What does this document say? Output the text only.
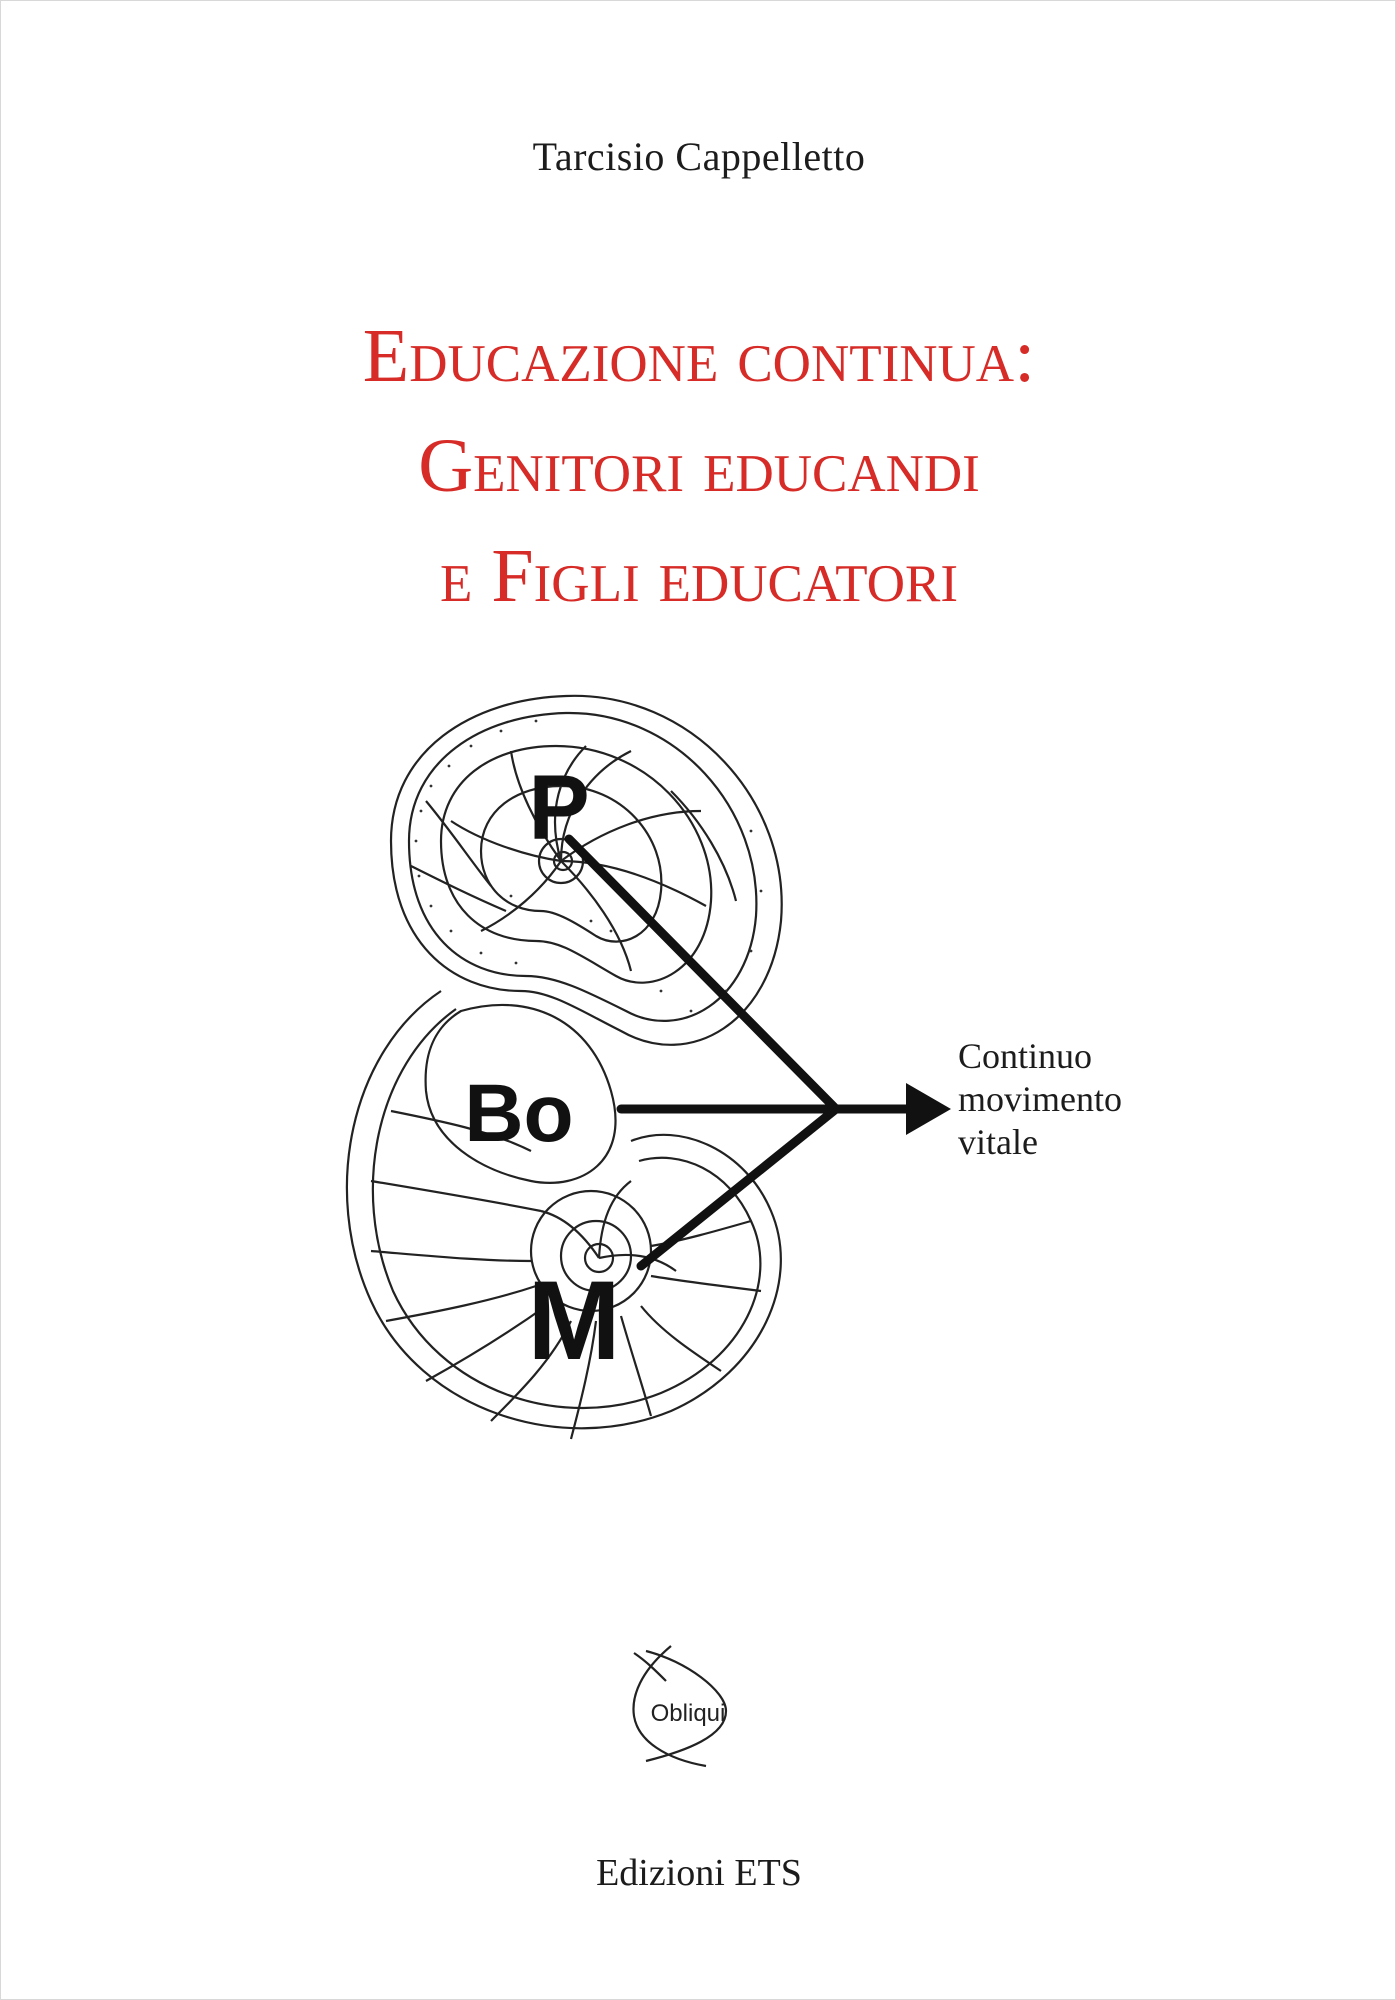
Tarcisio Cappelletto
Educazione continua:
Genitori educandi
e Figli educatori
P
Bo
M
Continuo
movimento
vitale
Obliqui
Edizioni ETS
